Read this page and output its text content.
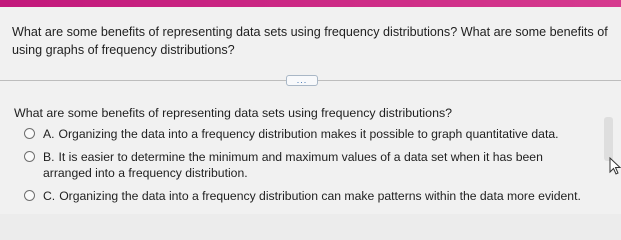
What are some benefits of representing data sets using frequency distributions? What are some benefits of using graphs of frequency distributions?
...
What are some benefits of representing data sets using frequency distributions?
A. Organizing the data into a frequency distribution makes it possible to graph quantitative data.
B. It is easier to determine the minimum and maximum values of a data set when it has been arranged into a frequency distribution.
C. Organizing the data into a frequency distribution can make patterns within the data more evident.
